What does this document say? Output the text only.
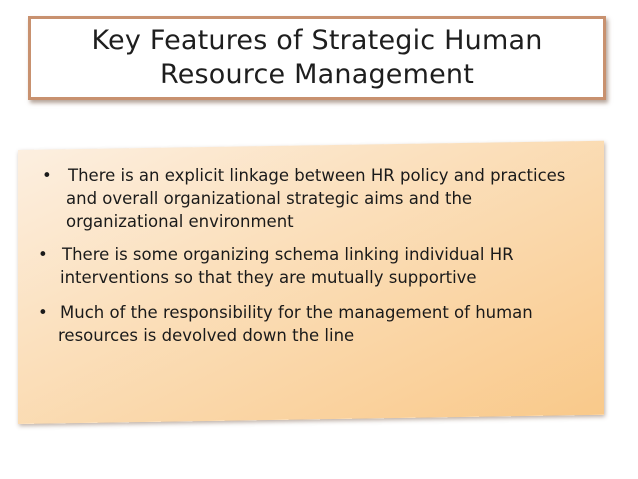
Key Features of Strategic Human
Resource Management
• There is an explicit linkage between HR policy and practices
and overall organizational strategic aims and the
organizational environment
• There is some organizing schema linking individual HR
interventions so that they are mutually supportive
• Much of the responsibility for the management of human
resources is devolved down the line
